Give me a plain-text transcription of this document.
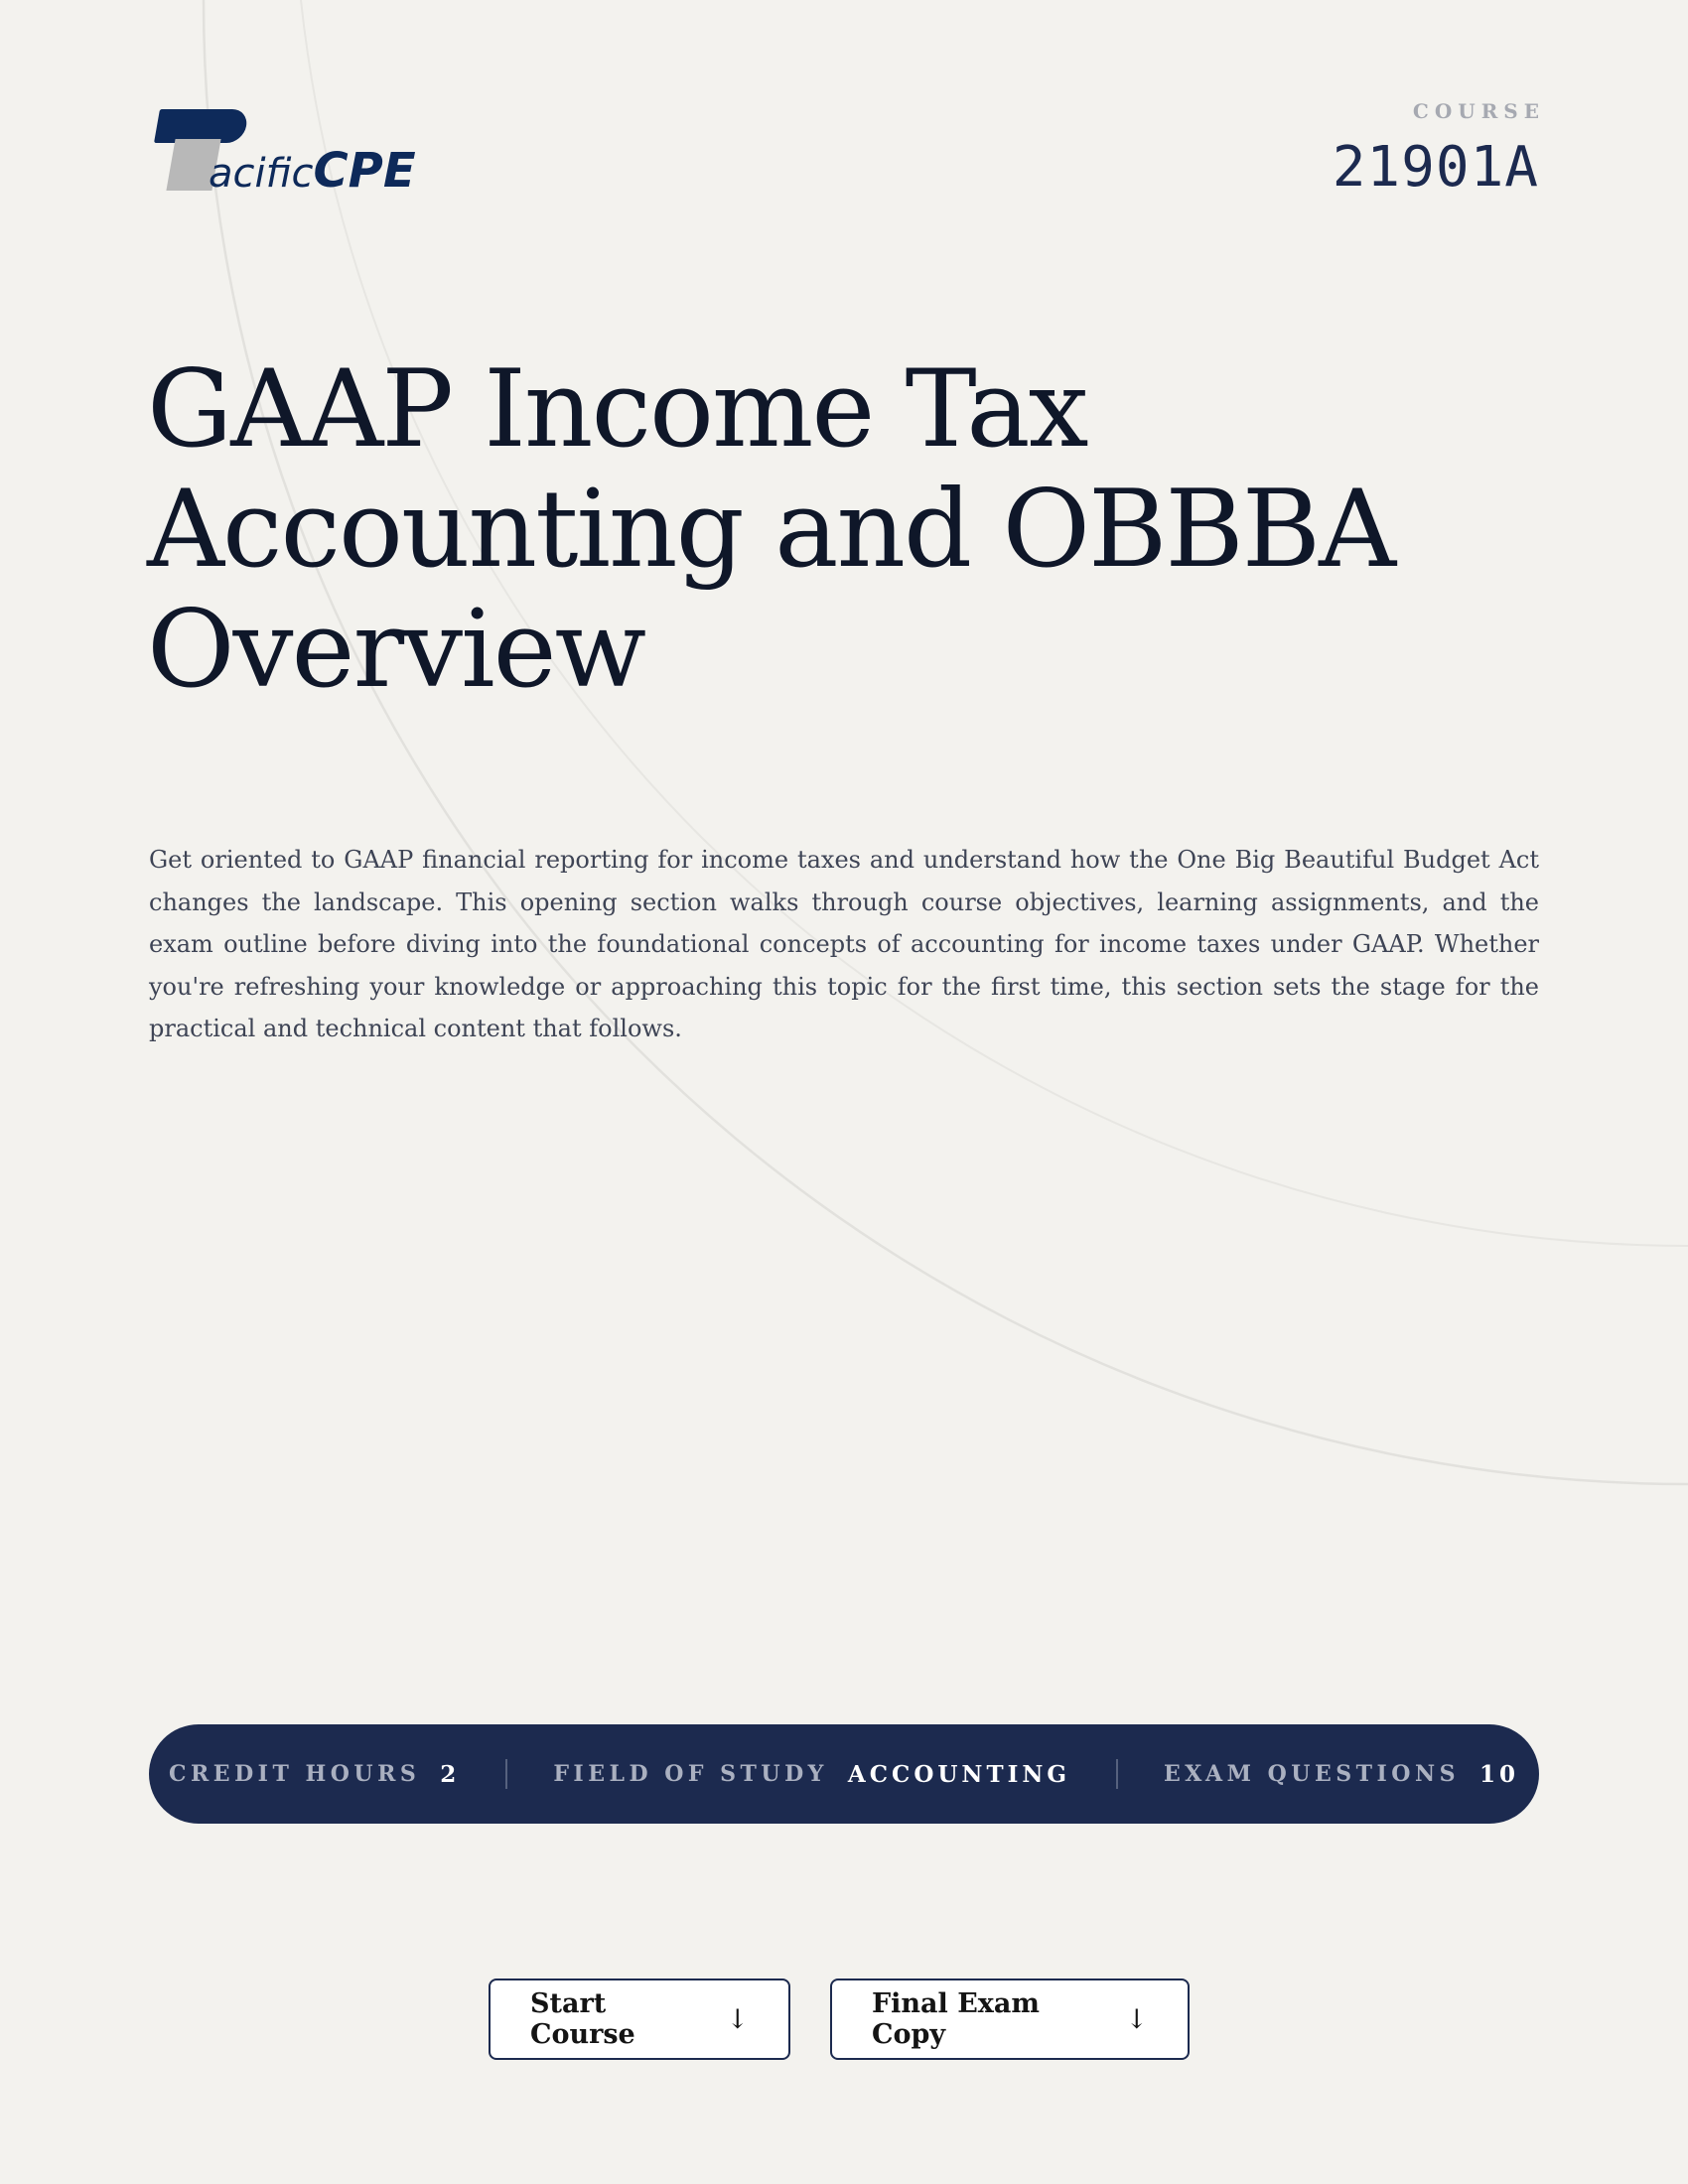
acificCPE
COURSE
21901A
GAAP Income Tax Accounting and OBBBA Overview

Get oriented to GAAP financial reporting for income taxes and understand how the One Big Beautiful Budget Act changes the landscape. This opening section walks through course objectives, learning assignments, and the exam outline before diving into the foundational concepts of accounting for income taxes under GAAP. Whether you're refreshing your knowledge or approaching this topic for the first time, this section sets the stage for the practical and technical content that follows.

CREDIT HOURS 2	FIELD OF STUDY ACCOUNTING	EXAM QUESTIONS 10
Start Course	↓	Final Exam Copy	↓
